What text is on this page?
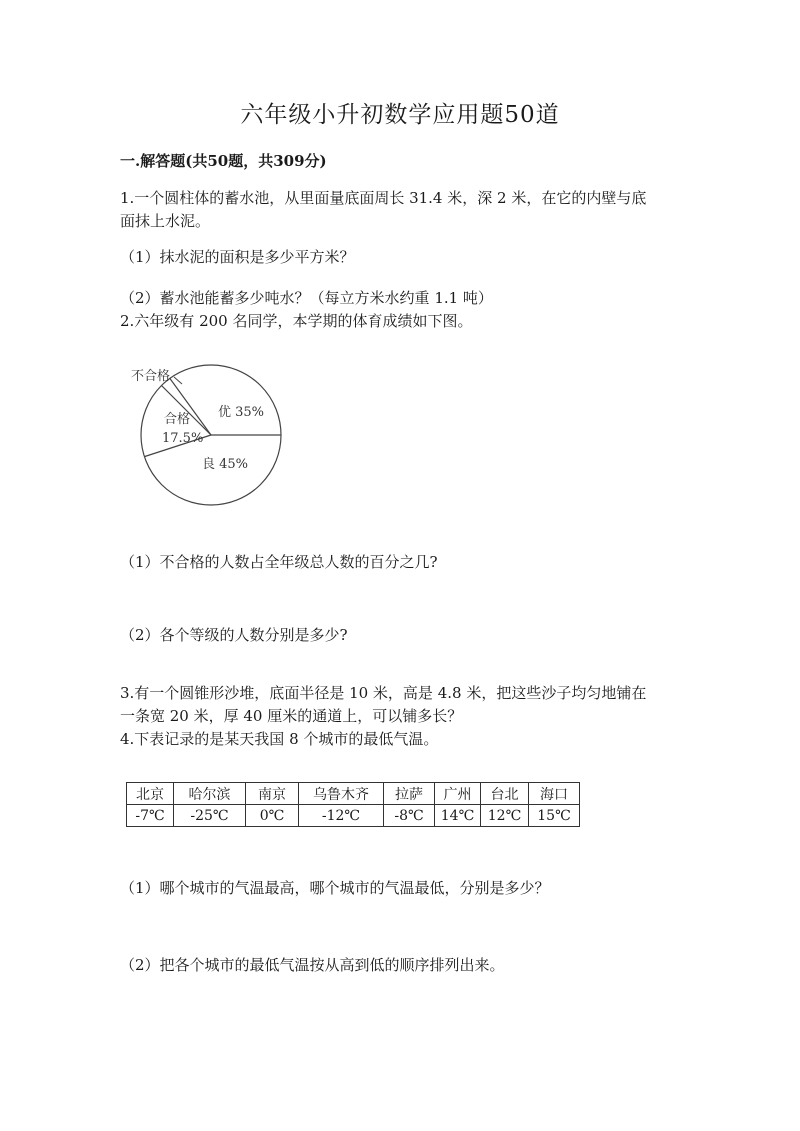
六年级小升初数学应用题50道
一.解答题(共50题，共309分)
1.一个圆柱体的蓄水池，从里面量底面周长 31.4 米，深 2 米，在它的内壁与底
面抹上水泥。
（1）抹水泥的面积是多少平方米？
（2）蓄水池能蓄多少吨水？（每立方米水约重 1.1 吨）
2.六年级有 200 名同学，本学期的体育成绩如下图。
不合格
合格
17.5%
优 35%
良 45%
（1）不合格的人数占全年级总人数的百分之几?
（2）各个等级的人数分别是多少?
3.有一个圆锥形沙堆，底面半径是 10 米，高是 4.8 米，把这些沙子均匀地铺在
一条宽 20 米，厚 40 厘米的通道上，可以铺多长？
4.下表记录的是某天我国 8 个城市的最低气温。
北京	哈尔滨	南京	乌鲁木齐	拉萨	广州	台北	海口
-7℃	-25℃	0℃	-12℃	-8℃	14℃	12℃	15℃
（1）哪个城市的气温最高，哪个城市的气温最低，分别是多少？
（2）把各个城市的最低气温按从高到低的顺序排列出来。
